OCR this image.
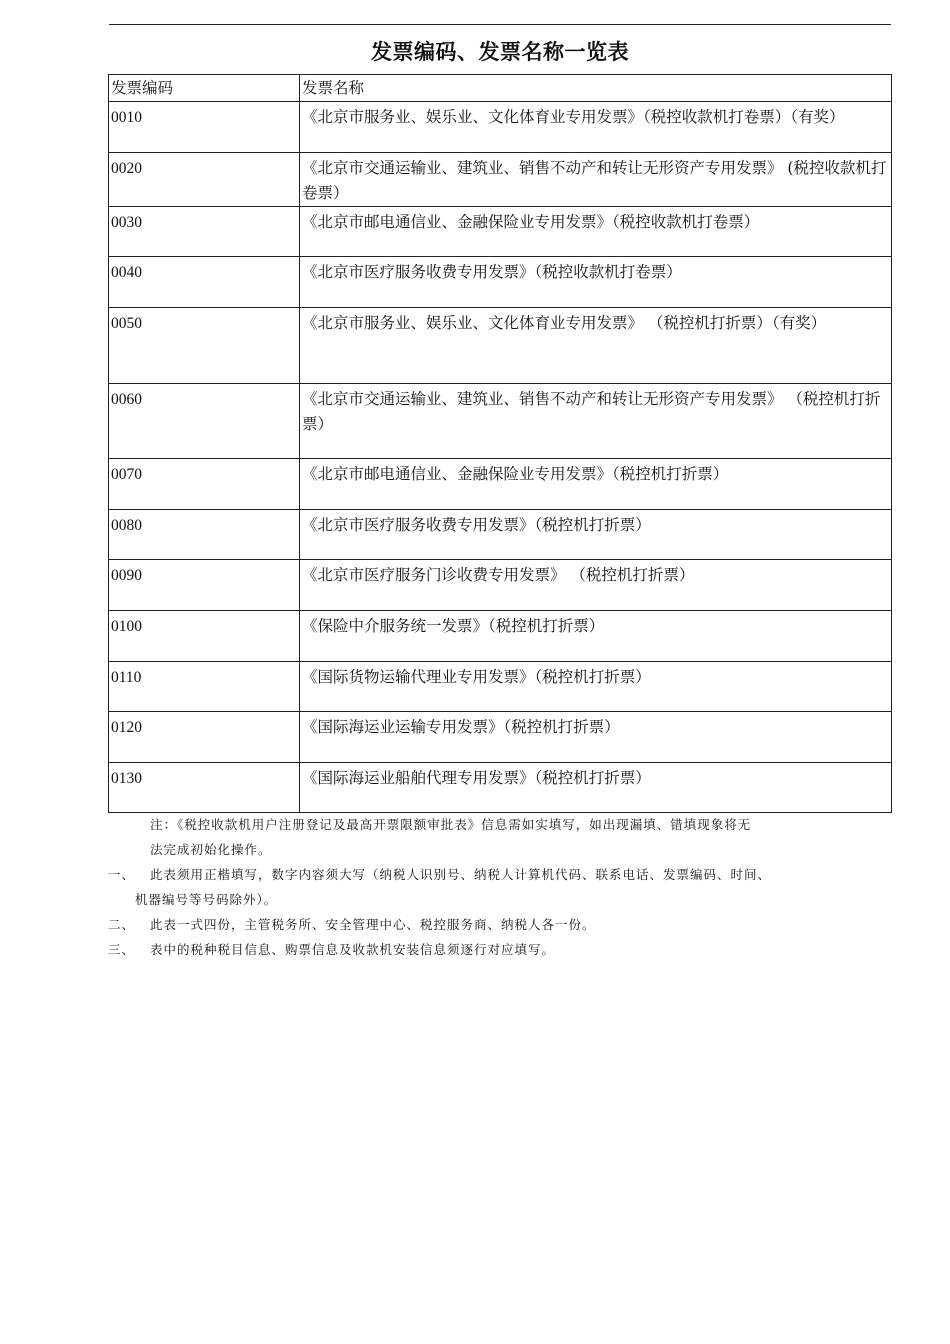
发票编码、发票名称一览表
发票编码	发票名称
0010	《北京市服务业、娱乐业、文化体育业专用发票》（税控收款机打卷票）（有奖）
0020	《北京市交通运输业、建筑业、销售不动产和转让无形资产专用发票》 (税控收款机打卷票）
0030	《北京市邮电通信业、金融保险业专用发票》（税控收款机打卷票）
0040	《北京市医疗服务收费专用发票》（税控收款机打卷票）
0050	《北京市服务业、娱乐业、文化体育业专用发票》 （税控机打折票）（有奖）
0060	《北京市交通运输业、建筑业、销售不动产和转让无形资产专用发票》 （税控机打折票）
0070	《北京市邮电通信业、金融保险业专用发票》（税控机打折票）
0080	《北京市医疗服务收费专用发票》（税控机打折票）
0090	《北京市医疗服务门诊收费专用发票》 （税控机打折票）
0100	《保险中介服务统一发票》（税控机打折票）
0110	《国际货物运输代理业专用发票》（税控机打折票）
0120	《国际海运业运输专用发票》（税控机打折票）
0130	《国际海运业船舶代理专用发票》（税控机打折票）
注：《税控收款机用户注册登记及最高开票限额审批表》信息需如实填写，如出现漏填、错填现象将无
法完成初始化操作。
一、	此表须用正楷填写，数字内容须大写（纳税人识别号、纳税人计算机代码、联系电话、发票编码、时间、
机器编号等号码除外）。
二、	此表一式四份，主管税务所、安全管理中心、税控服务商、纳税人各一份。
三、	表中的税种税目信息、购票信息及收款机安装信息须逐行对应填写。
